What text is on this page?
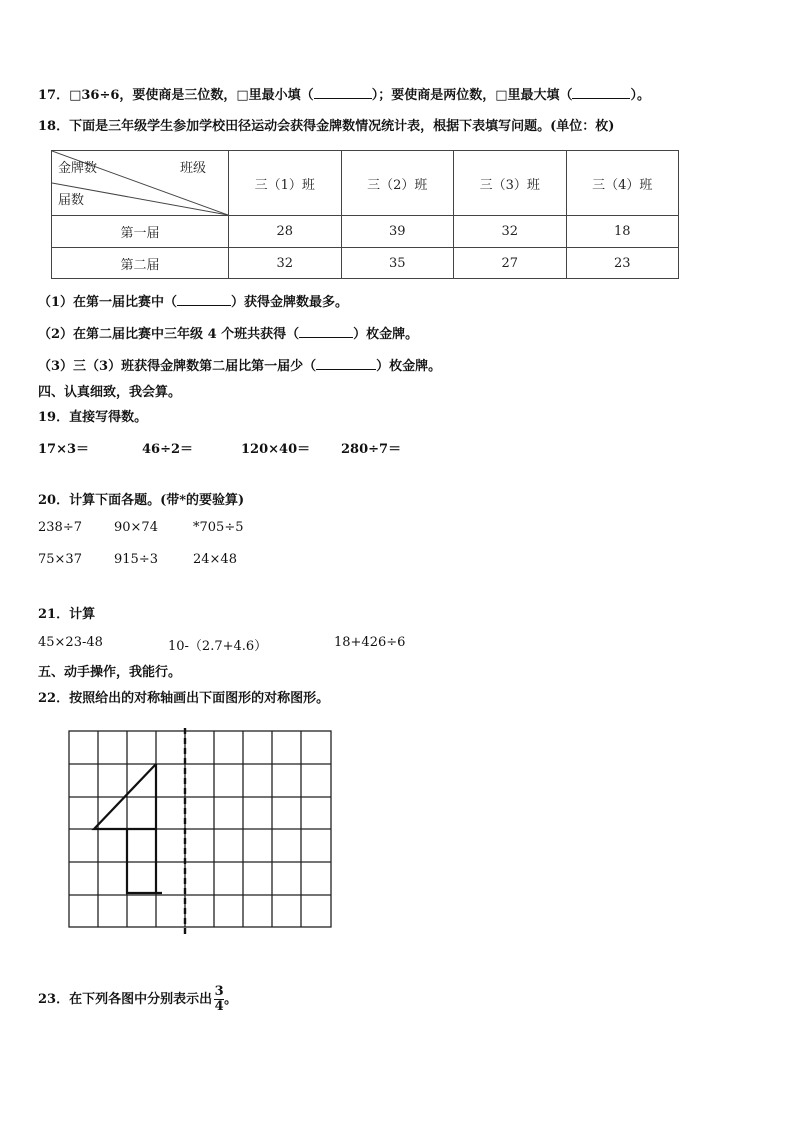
17．□36÷6，要使商是三位数，□里最小填（	）；要使商是两位数，□里最大填（	）。
18．下面是三年级学生参加学校田径运动会获得金牌数情况统计表，根据下表填写问题。(单位：枚)
金牌数 班级
届数	三（1）班	三（2）班	三（3）班	三（4）班
第一届	28	39	32	18
第二届	32	35	27	23
（1）在第一届比赛中（	）获得金牌数最多。
（2）在第二届比赛中三年级 4 个班共获得（	）枚金牌。
（3）三（3）班获得金牌数第二届比第一届少（	）枚金牌。
四、认真细致，我会算。
19．直接写得数。
17×3＝	46÷2＝	120×40＝ 280÷7＝
20．计算下面各题。(带*的要验算)
238÷7 90×74	*705÷5
75×37 915÷3	24×48
21．计算
45×23-48	10-（2.7+4.6）	18+426÷6
五、动手操作，我能行。
22．按照给出的对称轴画出下面图形的对称图形。
23．在下列各图中分别表示出 $\frac{3}{4}$ 。
